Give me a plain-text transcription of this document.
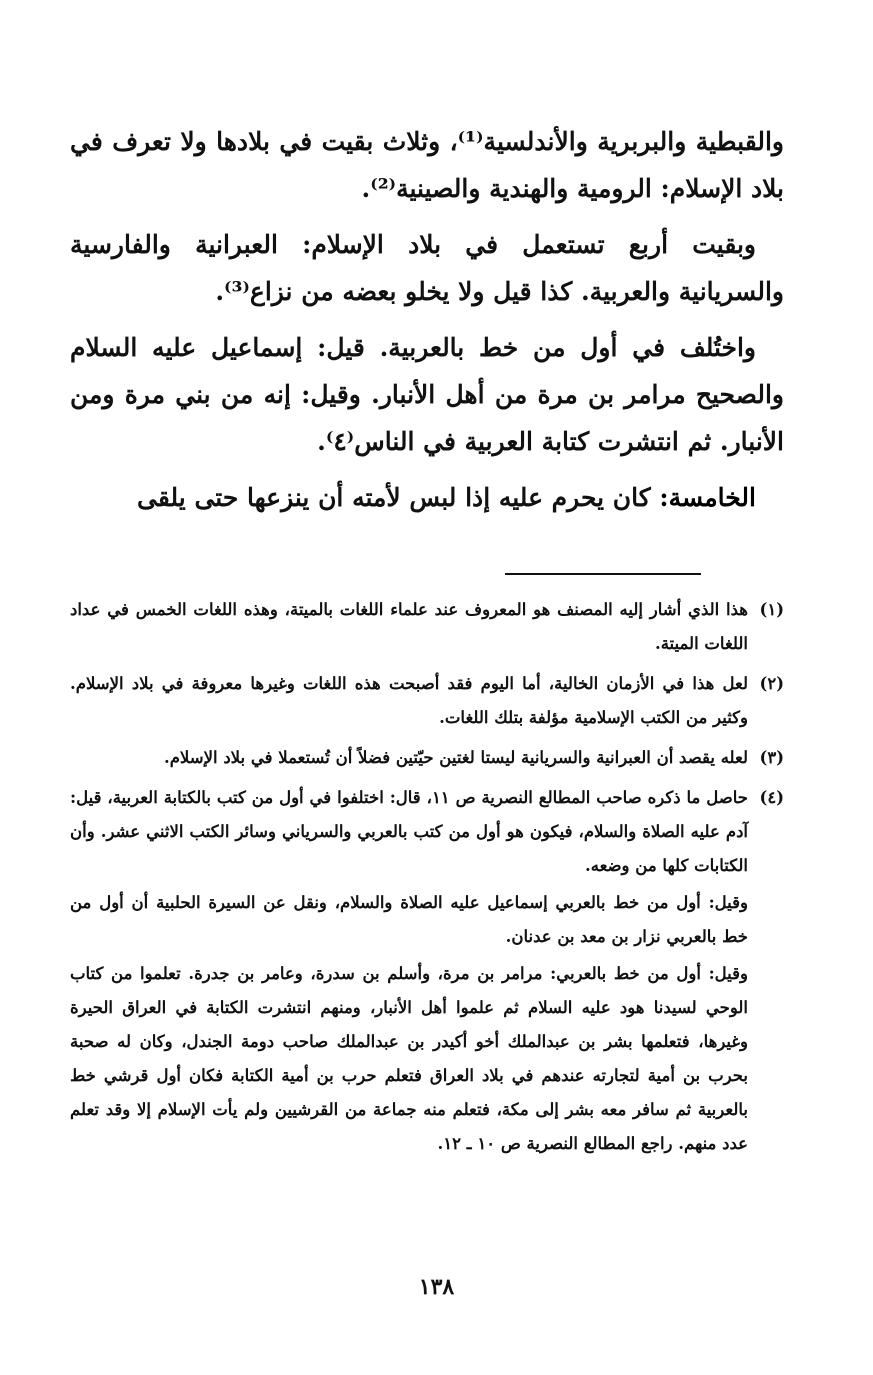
والقبطية والبربرية والأندلسية⁽¹⁾، وثلاث بقيت في بلادها ولا تعرف في بلاد الإسلام: الرومية والهندية والصينية⁽²⁾.

وبقيت أربع تستعمل في بلاد الإسلام: العبرانية والفارسية والسريانية والعربية. كذا قيل ولا يخلو بعضه من نزاع⁽³⁾.

واختُلف في أول من خط بالعربية. قيل: إسماعيل عليه السلام والصحيح مرامر بن مرة من أهل الأنبار. وقيل: إنه من بني مرة ومن الأنبار. ثم انتشرت كتابة العربية في الناس⁽٤⁾.

الخامسة: كان يحرم عليه إذا لبس لأمته أن ينزعها حتى يلقى

(١)

هذا الذي أشار إليه المصنف هو المعروف عند علماء اللغات بالميتة، وهذه اللغات الخمس في عداد اللغات الميتة.

(٢)

لعل هذا في الأزمان الخالية، أما اليوم فقد أصبحت هذه اللغات وغيرها معروفة في بلاد الإسلام. وكثير من الكتب الإسلامية مؤلفة بتلك اللغات.

(٣)

لعله يقصد أن العبرانية والسريانية ليستا لغتين حيّتين فضلاً أن تُستعملا في بلاد الإسلام.

(٤)

حاصل ما ذكره صاحب المطالع النصرية ص ١١، قال: اختلفوا في أول من كتب بالكتابة العربية، قيل: آدم عليه الصلاة والسلام، فيكون هو أول من كتب بالعربي والسرياني وسائر الكتب الاثني عشر. وأن الكتابات كلها من وضعه.

وقيل: أول من خط بالعربي إسماعيل عليه الصلاة والسلام، ونقل عن السيرة الحلبية أن أول من خط بالعربي نزار بن معد بن عدنان.

وقيل: أول من خط بالعربي: مرامر بن مرة، وأسلم بن سدرة، وعامر بن جدرة. تعلموا من كتاب الوحي لسيدنا هود عليه السلام ثم علموا أهل الأنبار، ومنهم انتشرت الكتابة في العراق الحيرة وغيرها، فتعلمها بشر بن عبدالملك أخو أكيدر بن عبدالملك صاحب دومة الجندل، وكان له صحبة بحرب بن أمية لتجارته عندهم في بلاد العراق فتعلم حرب بن أمية الكتابة فكان أول قرشي خط بالعربية ثم سافر معه بشر إلى مكة، فتعلم منه جماعة من القرشيين ولم يأت الإسلام إلا وقد تعلم عدد منهم. راجع المطالع النصرية ص ١٠ ـ ١٢.

١٣٨
